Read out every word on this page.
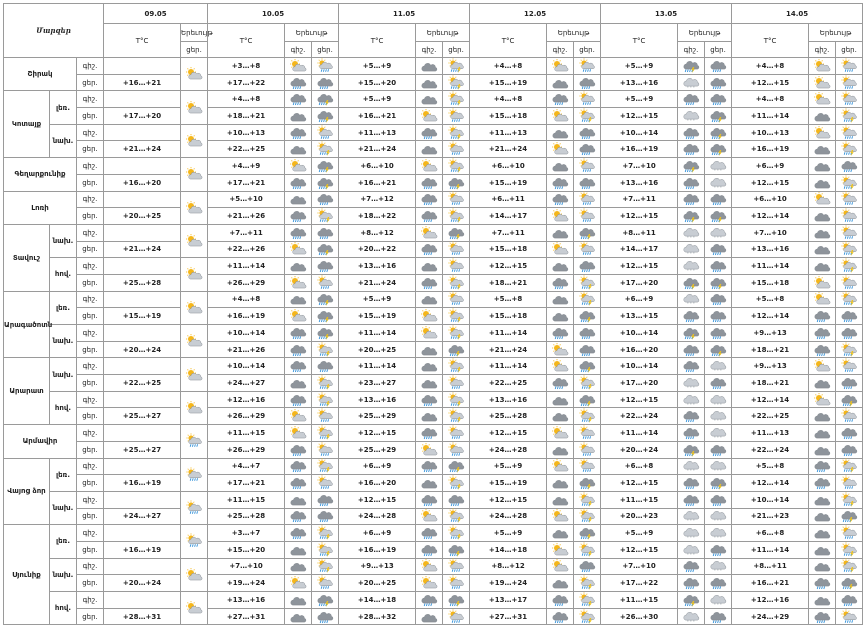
Մարզեր			09.05		10.05			11.05			12.05			13.05			14.05		
			T°C	Երեւույթ	T°C	Երեւույթ		T°C	Երեւույթ		T°C	Երեւույթ		T°C	Երեւույթ		T°C	Երեւույթ	
				ցեր.		գիշ.	ցեր.		գիշ.	ցեր.		գիշ.	ցեր.		գիշ.	ցեր.		գիշ.	ցեր.
Շիրակ		գիշ.			+3…+8			+5…+9			+4…+8			+5…+9			+4…+8	

		ցեր.	+16…+21		+17…+22			+15…+20			+15…+19			+13…+16	* * *		+12…+15	

Կոտայք	լեռ.	գիշ.			+4…+8			+5…+9			+4…+8			+5…+9			+4…+8	

		ցեր.	+17…+20		+18…+21			+16…+21			+15…+18			+12…+15	* * *		+11…+14	

	նախ.	գիշ.			+10…+13			+11…+13			+11…+13			+10…+14			+10…+13	

		ցեր.	+21…+24		+22…+25			+21…+24			+21…+24			+16…+19			+16…+19	

Գեղարքունիք		գիշ.			+4…+9			+6…+10			+6…+10			+7…+10		* * *	+6…+9	

		ցեր.	+16…+20		+17…+21			+16…+21			+15…+19			+13…+16		* * *	+12…+15	

Լոռի		գիշ.			+5…+10			+7…+12			+6…+11			+7…+11			+6…+10	

		ցեր.	+20…+25		+21…+26			+18…+22			+14…+17			+12…+15			+12…+14	

Տավուշ	նախ.	գիշ.			+7…+11			+8…+12			+7…+11			+8…+11	* * *	* * *	+7…+10	

		ցեր.	+21…+24		+22…+26			+20…+22			+15…+18			+14…+17	* * *		+13…+16	

	հով.	գիշ.			+11…+14			+13…+16			+12…+15			+12…+15	* * *		+11…+14	

		ցեր.	+25…+28		+26…+29			+21…+24			+18…+21			+17…+20			+15…+18	

Արագածոտն	լեռ.	գիշ.			+4…+8			+5…+9			+5…+8			+6…+9	* * *		+5…+8	

		ցեր.	+15…+19		+16…+19			+15…+19			+15…+18			+13…+15			+12…+14	

	նախ.	գիշ.			+10…+14			+11…+14			+11…+14			+10…+14			+9…+13	

		ցեր.	+20…+24		+21…+26			+20…+25			+21…+24			+16…+20			+18…+21	

Արարատ	նախ.	գիշ.			+10…+14			+11…+14			+11…+14			+10…+14		* * *	+9…+13	

		ցեր.	+22…+25		+24…+27			+23…+27			+22…+25			+17…+20	* * *		+18…+21	

	հով.	գիշ.			+12…+16			+13…+16			+13…+16			+12…+15	* * *	* * *	+12…+14	

		ցեր.	+25…+27		+26…+29			+25…+29			+25…+28			+22…+24		* * *	+22…+25	

Արմավիր		գիշ.			+11…+15			+12…+15			+12…+15			+11…+14		* * *	+11…+13	

		ցեր.	+25…+27		+26…+29			+25…+29			+24…+28			+20…+24			+22…+24	

Վայոց ձոր	լեռ.	գիշ.			+4…+7			+6…+9			+5…+9			+6…+8	* * *	* * *	+5…+8	

		ցեր.	+16…+19		+17…+21			+16…+20			+15…+19			+12…+15			+12…+14	

	նախ.	գիշ.			+11…+15			+12…+15			+12…+15			+11…+15			+10…+14	

		ցեր.	+24…+27		+25…+28			+24…+28			+24…+28			+20…+23	* * *	* * *	+21…+23	

Սյունիք	լեռ.	գիշ.			+3…+7			+6…+9			+5…+9			+5…+9	* * *	* * *	+6…+8	

		ցեր.	+16…+19		+15…+20			+16…+19			+14…+18			+12…+15	* * *		+11…+14	

	նախ.	գիշ.			+7…+10			+9…+13			+8…+12			+7…+10		* * *	+8…+11	

		ցեր.	+20…+24		+19…+24			+20…+25			+19…+24			+17…+22			+16…+21	

	հով.	գիշ.			+13…+16			+14…+18			+13…+17			+11…+15		* * *	+12…+16	

		ցեր.	+28…+31		+27…+31			+28…+32			+27…+31			+26…+30	* * *		+24…+29	
